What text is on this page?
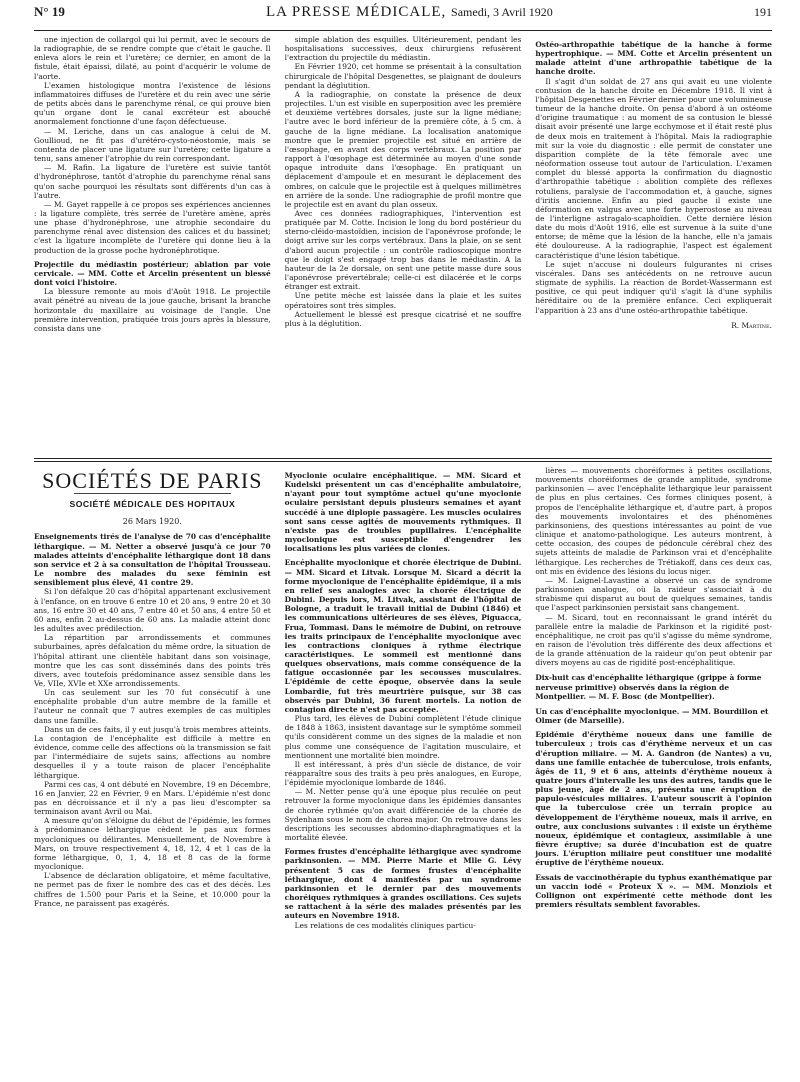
N° 19	LA PRESSE MÉDICALE, Samedi, 3 Avril 1920	191

une injection de collargol qui lui permit, avec le secours de la radiographie, de se rendre compte que c'était le gauche. Il enleva alors le rein et l'uretère; ce dernier, en amont de la fistule, était épaissi, dilaté, au point d'acquérir le volume de l'aorte.

L'examen histologique montra l'existence de lésions inflammatoires diffuses de l'uretère et du rein avec une série de petits abcès dans le parenchyme rénal, ce qui prouve bien qu'un organe dont le canal excréteur est abouché anormalement fonctionne d'une façon défectueuse.

— M. Leriche, dans un cas analogue à celui de M. Goullioud, ne fit pas d'urétéro-cysto-néostomie, mais se contenta de placer une ligature sur l'uretère; cette ligature a tenu, sans amener l'atrophie du rein correspondant.

— M. Rafin. La ligature de l'uretère est suivie tantôt d'hydronéphrose, tantôt d'atrophie du parenchyme rénal sans qu'on sache pourquoi les résultats sont différents d'un cas à l'autre.

— M. Gayet rappelle à ce propos ses expériences anciennes : la ligature complète, très serrée de l'uretère amène, après une phase d'hydronéphrose, une atrophie secondaire du parenchyme rénal avec distension des calices et du bassinet; c'est la ligature incomplète de l'uretère qui donne lieu à la production de la grosse poche hydronéphrotique.

Projectile du médiastin postérieur; ablation par voie cervicale. — MM. Cotte et Arcelin présentent un blessé dont voici l'histoire.

La blessure remonte au mois d'Août 1918. Le projectile avait pénétré au niveau de la joue gauche, brisant la branche horizontale du maxillaire au voisinage de l'angle. Une première intervention, pratiquée trois jours après la blessure, consista dans une

simple ablation des esquilles. Ultérieurement, pendant les hospitalisations successives, deux chirurgiens refusèrent l'extraction du projectile du médiastin.

En Février 1920, cet homme se présentait à la consultation chirurgicale de l'hôpital Desgenettes, se plaignant de douleurs pendant la déglutition.

A la radiographie, on constate la présence de deux projectiles. L'un est visible en superposition avec les première et deuxième vertèbres dorsales, juste sur la ligne médiane; l'autre avec le bord inférieur de la première côte, à 5 cm. à gauche de la ligne médiane. La localisation anatomique montre que le premier projectile est situé en arrière de l'œsophage, en avant des corps vertébraux. La position par rapport à l'œsophage est déterminée au moyen d'une sonde opaque introduite dans l'œsophage. En pratiquant un déplacement d'ampoule et en mesurant le déplacement des ombres, on calcule que le projectile est à quelques millimètres en arrière de la sonde. Une radiographie de profil montre que le projectile est en avant du plan osseux.

Avec ces données radiographiques, l'intervention est pratiquée par M. Cotte. Incision le long du bord postérieur du sterno-cléido-mastoïdien, incision de l'aponévrose profonde; le doigt arrive sur les corps vertébraux. Dans la plaie, on se sent d'abord aucun projectile : un contrôle radioscopique montre que le doigt s'est engagé trop bas dans le médiastin. A la hauteur de la 2e dorsale, on sent une petite masse dure sous l'aponévrose prévertébrale; celle-ci est dilacérée et le corps étranger est extrait.

Une petite mèche est laissée dans la plaie et les suites opératoires sont très simples.

Actuellement le blessé est presque cicatrisé et ne souffre plus à la déglutition.

Ostéo-arthropathie tabétique de la hanche à forme hypertrophique. — MM. Cotte et Arcelin présentent un malade atteint d'une arthropathie tabétique de la hanche droite.

Il s'agit d'un soldat de 27 ans qui avait eu une violente contusion de la hanche droite en Décembre 1918. Il vint à l'hôpital Desgenettes en Février dernier pour une volumineuse tumeur de la hanche droite. On pensa d'abord à un ostéome d'origine traumatique : au moment de sa contusion le blessé disait avoir présenté une large ecchymose et il était resté plus de deux mois en traitement à l'hôpital. Mais la radiographie mit sur la voie du diagnostic : elle permit de constater une disparition complète de la tête fémorale avec une néoformation osseuse tout autour de l'articulation. L'examen complet du blessé apporta la confirmation du diagnostic d'arthropathie tabétique : abolition complète des réflexes rotuliens, paralysie de l'accommodation et, à gauche, signes d'iritis ancienne. Enfin au pied gauche il existe une déformation en valgus avec une forte hyperostose au niveau de l'interligne astragalo-scaphoïdien. Cette dernière lésion date du mois d'Août 1916, elle est survenue à la suite d'une entorse; de même que la lésion de la hanche, elle n'a jamais été douloureuse. A la radiographie, l'aspect est également caractéristique d'une lésion tabétique.

Le sujet n'accuse ni douleurs fulgurantes ni crises viscérales. Dans ses antécédents on ne retrouve aucun stigmate de syphilis. La réaction de Bordet-Wassermann est positive, ce qui peut indiquer qu'il s'agit là d'une syphilis héréditaire ou de la première enfance. Ceci expliquerait l'apparition à 23 ans d'une ostéo-arthropathie tabétique.

R. Martine.

SOCIÉTÉS DE PARIS
SOCIÉTÉ MÉDICALE DES HOPITAUX
26 Mars 1920.

Enseignements tirés de l'analyse de 70 cas d'encéphalite léthargique. — M. Netter a observé jusqu'à ce jour 70 malades atteints d'encéphalite léthargique dont 18 dans son service et 2 à sa consultation de l'hôpital Trousseau. Le nombre des malades du sexe féminin est sensiblement plus élevé, 41 contre 29.

Si l'on défalque 20 cas d'hôpital appartenant exclusivement à l'enfance, on en trouve 6 entre 10 et 20 ans, 9 entre 20 et 30 ans, 16 entre 30 et 40 ans, 7 entre 40 et 50 ans, 4 entre 50 et 60 ans, enfin 2 au-dessus de 60 ans. La maladie atteint donc les adultes avec prédilection.

La répartition par arrondissements et communes suburbaines, après défalcation du même ordre, la situation de l'hôpital attirant une clientèle habitant dans son voisinage, montre que les cas sont disséminés dans des points très divers, avec toutefois prédominance assez sensible dans les Ve, VIIe, XVIe et XXe arrondissements.

Un cas seulement sur les 70 fut consécutif à une encéphalite probable d'un autre membre de la famille et l'auteur ne connaît que 7 autres exemples de cas multiples dans une famille.

Dans un de ces faits, il y eut jusqu'à trois membres atteints. La contagion de l'encéphalite est difficile à mettre en évidence, comme celle des affections où la transmission se fait par l'intermédiaire de sujets sains, affections au nombre desquelles il y a toute raison de placer l'encéphalite léthargique.

Parmi ces cas, 4 ont débuté en Novembre, 19 en Décembre, 16 en Janvier, 22 en Février, 9 en Mars. L'épidémie n'est donc pas en décroissance et il n'y a pas lieu d'escompter sa terminaison avant Avril ou Mai.

A mesure qu'on s'éloigne du début de l'épidémie, les formes à prédominance léthargique cèdent le pas aux formes myocloniques ou délirantes. Mensuellement, de Novembre à Mars, on trouve respectivement 4, 18, 12, 4 et 1 cas de la forme léthargique, 0, 1, 4, 18 et 8 cas de la forme myoclonique.

L'absence de déclaration obligatoire, et même facultative, ne permet pas de fixer le nombre des cas et des décès. Les chiffres de 1.500 pour Paris et la Seine, et 10.000 pour la France, ne paraissent pas exagérés.

Myoclonie oculaire encéphalitique. — MM. Sicard et Kudelski présentent un cas d'encéphalite ambulatoire, n'ayant pour tout symptôme actuel qu'une myoclonie oculaire persistant depuis plusieurs semaines et ayant succédé à une diplopie passagère. Les muscles oculaires sont sans cesse agités de mouvements rythmiques. Il n'existe pas de troubles pupillaires. L'encéphalite myoclonique est susceptible d'engendrer les localisations les plus variées de clonies.

Encéphalite myoclonique et chorée électrique de Dubini. — MM. Sicard et Litvak. Lorsque M. Sicard a décrit la forme myoclonique de l'encéphalite épidémique, il a mis en relief ses analogies avec la chorée électrique de Dubini. Depuis lors, M. Litvak, assistant de l'hôpital de Bologne, a traduit le travail initial de Dubini (1846) et les communications ultérieures de ses élèves, Piguacca, Frua, Tommasi. Dans le mémoire de Dubini, on retrouve les traits principaux de l'encéphalite myoclonique avec les contractions cloniques à rythme électrique caractéristiques. Le sommeil est mentionné dans quelques observations, mais comme conséquence de la fatigue occasionnée par les secousses musculaires. L'épidémie de cette époque, observée dans la seule Lombardie, fut très meurtrière puisque, sur 38 cas observés par Dubini, 36 furent mortels. La notion de contagion directe n'est pas acceptée.

Plus tard, les élèves de Dubini complètent l'étude clinique de 1848 à 1863, insistent davantage sur le symptôme sommeil qu'ils considèrent comme un des signes de la maladie et non plus comme une conséquence de l'agitation musculaire, et mentionnent une mortalité bien moindre.

Il est intéressant, à près d'un siècle de distance, de voir réapparaître sous des traits à peu près analogues, en Europe, l'épidémie myoclonique lombarde de 1846.

— M. Netter pense qu'à une époque plus reculée on peut retrouver la forme myoclonique dans les épidémies dansantes de chorée rythmée qu'on avait différenciée de la chorée de Sydenham sous le nom de chorea major. On retrouve dans les descriptions les secousses abdomino-diaphragmatiques et la mortalité élevée.

Formes frustes d'encéphalite léthargique avec syndrome parkinsonien. — MM. Pierre Marie et Mlle G. Lévy présentent 5 cas de formes frustes d'encéphalite léthargique, dont 4 manifestés par un syndrome parkinsonien et le dernier par des mouvements choréiques rythmiques à grandes oscillations. Ces sujets se rattachent à la série des malades présentés par les auteurs en Novembre 1918.

Les relations de ces modalités cliniques particu-

lières — mouvements choréiformes à petites oscillations, mouvements choréiformes de grande amplitude, syndrome parkinsonien — avec l'encéphalite léthargique leur paraissent de plus en plus certaines. Ces formes cliniques posent, à propos de l'encéphalite léthargique et, d'autre part, à propos des mouvements involontaires et des phénomènes parkinsoniens, des questions intéressantes au point de vue clinique et anatomo-pathologique. Les auteurs montrent, à cette occasion, des coupes de pédoncule cérébral chez des sujets atteints de maladie de Parkinson vrai et d'encéphalite léthargique. Les recherches de Trétiakoff, dans ces deux cas, ont mis en évidence des lésions du locus niger.

— M. Laignel-Lavastine a observé un cas de syndrome parkinsonien analogue, où la raideur s'associait à du strabisme qui disparut au bout de quelques semaines, tandis que l'aspect parkinsonien persistait sans changement.

— M. Sicard, tout en reconnaissant le grand intérêt du parallèle entre la maladie de Parkinson et la rigidité post-encéphalitique, ne croit pas qu'il s'agisse du même syndrome, en raison de l'évolution très différente des deux affections et de la grande atténuation de la raideur qu'on peut obtenir par divers moyens au cas de rigidité post-encéphalitique.

Dix-huit cas d'encéphalite léthargique (grippe à forme nerveuse primitive) observés dans la région de Montpellier. — M. F. Bosc (de Montpellier).

Un cas d'encéphalite myoclonique. — MM. Bourdillon et Olmer (de Marseille).

Epidémie d'érythème noueux dans une famille de tuberculeux ; trois cas d'érythème nerveux et un cas d'éruption miliaire. — M. A. Gandron (de Nantes) a vu, dans une famille entachée de tuberculose, trois enfants, âgés de 11, 9 et 6 ans, atteints d'érythème noueux à quatre jours d'intervalle les uns des autres, tandis que le plus jeune, âgé de 2 ans, présenta une éruption de papulo-vésicules miliaires. L'auteur souscrit à l'opinion que la tuberculose crée un terrain propice au développement de l'érythème noueux, mais il arrive, en outre, aux conclusions suivantes : il existe un érythème noueux, épidémique et contagieux, assimilable à une fièvre éruptive; sa durée d'incubation est de quatre jours. L'éruption miliaire peut constituer une modalité éruptive de l'érythème noueux.

Essais de vaccinothérapie du typhus exanthématique par un vaccin iodé « Proteux X ». — MM. Monziols et Collignon ont expérimenté cette méthode dont les premiers résultats semblent favorables.
